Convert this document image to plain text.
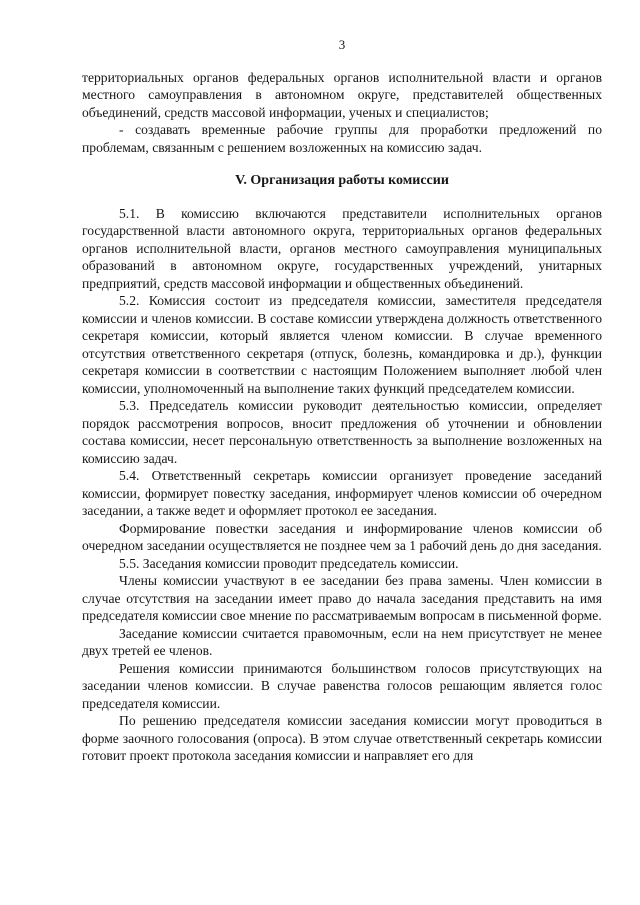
3

территориальных органов федеральных органов исполнительной власти и органов местного самоуправления в автономном округе, представителей общественных объединений, средств массовой информации, ученых и специалистов;

- создавать временные рабочие группы для проработки предложений по проблемам, связанным с решением возложенных на комиссию задач.

V. Организация работы комиссии

5.1. В комиссию включаются представители исполнительных органов государственной власти автономного округа, территориальных органов федеральных органов исполнительной власти, органов местного самоуправления муниципальных образований в автономном округе, государственных учреждений, унитарных предприятий, средств массовой информации и общественных объединений.

5.2. Комиссия состоит из председателя комиссии, заместителя председателя комиссии и членов комиссии. В составе комиссии утверждена должность ответственного секретаря комиссии, который является членом комиссии. В случае временного отсутствия ответственного секретаря (отпуск, болезнь, командировка и др.), функции секретаря комиссии в соответствии с настоящим Положением выполняет любой член комиссии, уполномоченный на выполнение таких функций председателем комиссии.

5.3. Председатель комиссии руководит деятельностью комиссии, определяет порядок рассмотрения вопросов, вносит предложения об уточнении и обновлении состава комиссии, несет персональную ответственность за выполнение возложенных на комиссию задач.

5.4. Ответственный секретарь комиссии организует проведение заседаний комиссии, формирует повестку заседания, информирует членов комиссии об очередном заседании, а также ведет и оформляет протокол ее заседания.

Формирование повестки заседания и информирование членов комиссии об очередном заседании осуществляется не позднее чем за 1 рабочий день до дня заседания.

5.5. Заседания комиссии проводит председатель комиссии.

Члены комиссии участвуют в ее заседании без права замены. Член комиссии в случае отсутствия на заседании имеет право до начала заседания представить на имя председателя комиссии свое мнение по рассматриваемым вопросам в письменной форме.

Заседание комиссии считается правомочным, если на нем присутствует не менее двух третей ее членов.

Решения комиссии принимаются большинством голосов присутствующих на заседании членов комиссии. В случае равенства голосов решающим является голос председателя комиссии.

По решению председателя комиссии заседания комиссии могут проводиться в форме заочного голосования (опроса). В этом случае ответственный секретарь комиссии готовит проект протокола заседания комиссии и направляет его для
